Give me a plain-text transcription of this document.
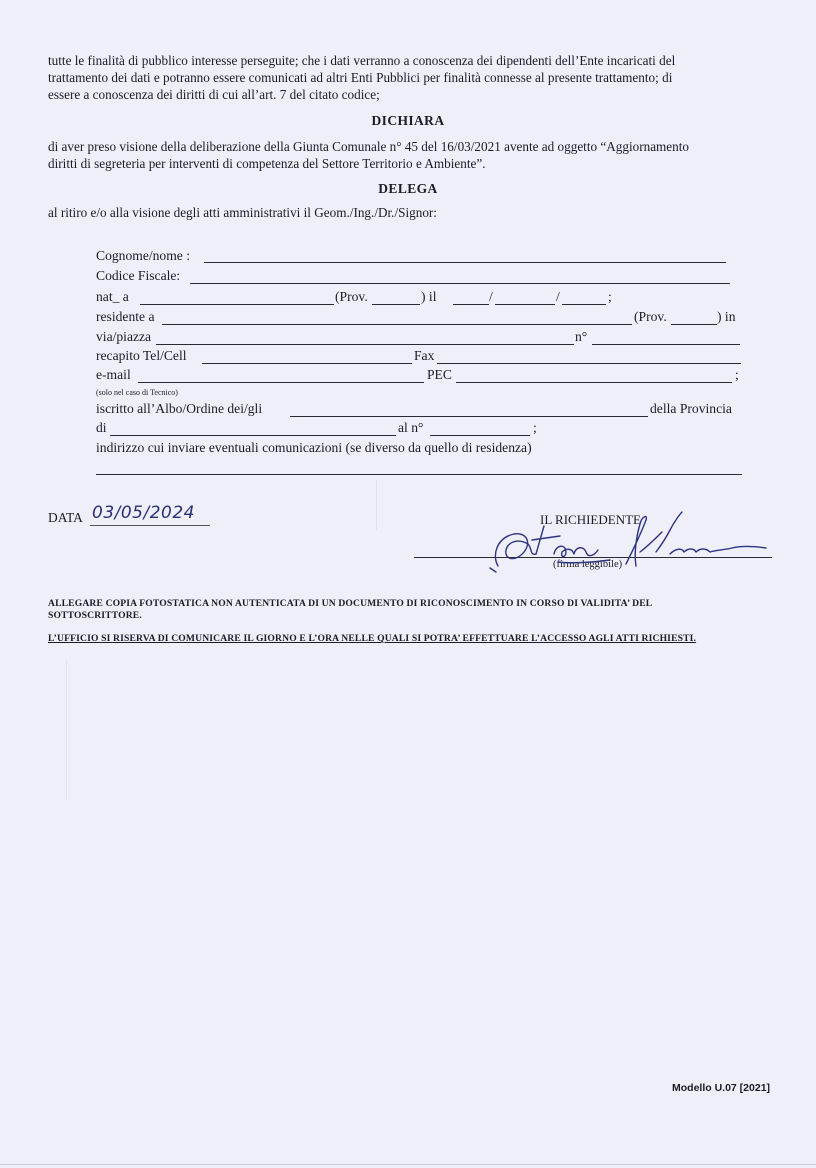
tutte le finalità di pubblico interesse perseguite; che i dati verranno a conoscenza dei dipendenti dell’Ente incaricati del
trattamento dei dati e potranno essere comunicati ad altri Enti Pubblici per finalità connesse al presente trattamento; di
essere a conoscenza dei diritti di cui all’art. 7 del citato codice;
DICHIARA
di aver preso visione della deliberazione della Giunta Comunale n° 45 del 16/03/2021 avente ad oggetto “Aggiornamento
diritti di segreteria per interventi di competenza del Settore Territorio e Ambiente”.
DELEGA
al ritiro e/o alla visione degli atti amministrativi il Geom./Ing./Dr./Signor:
Cognome/nome :
Codice Fiscale:
nat_ a	(Prov.	) il	/	/	;
residente a	(Prov.	) in
via/piazza	n°
recapito Tel/Cell	Fax
e-mail	PEC	;
(solo nel caso di Tecnico)
iscritto all’Albo/Ordine dei/gli	della Provincia
di	al n°	;
indirizzo cui inviare eventuali comunicazioni (se diverso da quello di residenza)
DATA 03/05/2024	IL RICHIEDENTE
(firma leggibile)
ALLEGARE COPIA FOTOSTATICA NON AUTENTICATA DI UN DOCUMENTO DI RICONOSCIMENTO IN CORSO DI VALIDITA’ DEL
SOTTOSCRITTORE.
L’UFFICIO SI RISERVA DI COMUNICARE IL GIORNO E L’ORA NELLE QUALI SI POTRA’ EFFETTUARE L’ACCESSO AGLI ATTI RICHIESTI.
Modello U.07 [2021]
